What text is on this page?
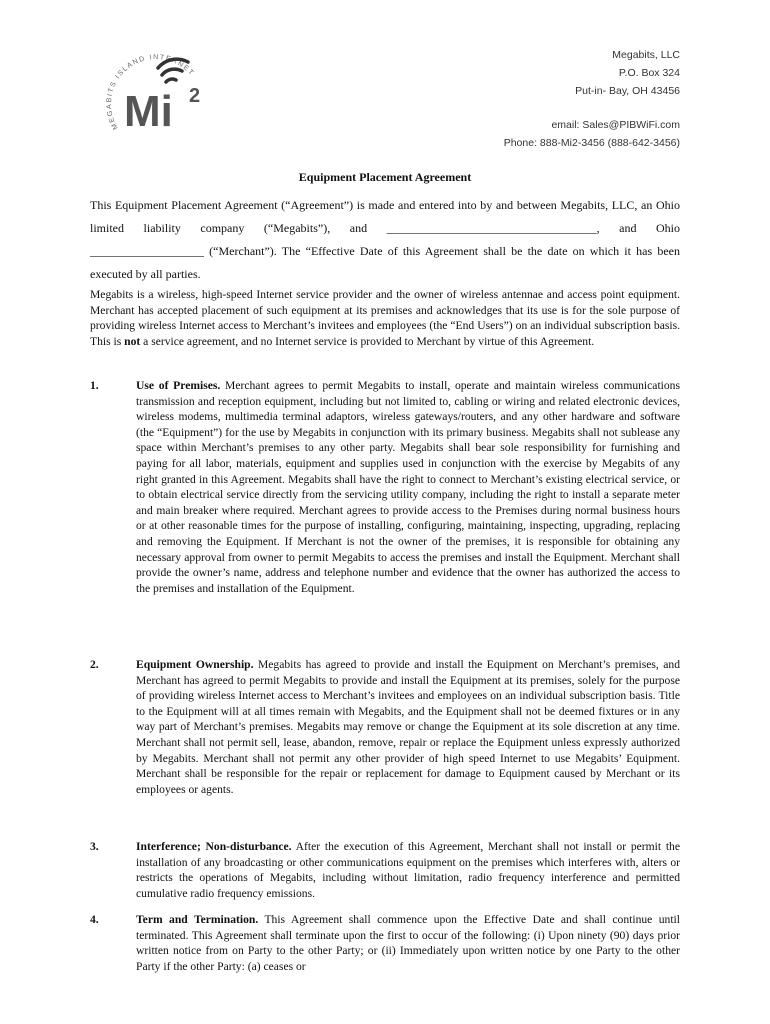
MEGABITS ISLAND INTERNET
Mi 2
Megabits, LLC
P.O. Box 324
Put-in- Bay, OH 43456
email: Sales@PIBWiFi.com
Phone: 888-Mi2-3456 (888-642-3456)
Equipment Placement Agreement
This Equipment Placement Agreement (“Agreement”) is made and entered into by and between Megabits, LLC, an Ohio limited liability company (“Megabits”), and ___________________________________, and Ohio ___________________ (“Merchant”). The “Effective Date of this Agreement shall be the date on which it has been executed by all parties.
Megabits is a wireless, high-speed Internet service provider and the owner of wireless antennae and access point equipment. Merchant has accepted placement of such equipment at its premises and acknowledges that its use is for the sole purpose of providing wireless Internet access to Merchant’s invitees and employees (the “End Users”) on an individual subscription basis. This is not a service agreement, and no Internet service is provided to Merchant by virtue of this Agreement.
1.	Use of Premises. Merchant agrees to permit Megabits to install, operate and maintain wireless communications transmission and reception equipment, including but not limited to, cabling or wiring and related electronic devices, wireless modems, multimedia terminal adaptors, wireless gateways/routers, and any other hardware and software (the “Equipment”) for the use by Megabits in conjunction with its primary business. Megabits shall not sublease any space within Merchant’s premises to any other party. Megabits shall bear sole responsibility for furnishing and paying for all labor, materials, equipment and supplies used in conjunction with the exercise by Megabits of any right granted in this Agreement. Megabits shall have the right to connect to Merchant’s existing electrical service, or to obtain electrical service directly from the servicing utility company, including the right to install a separate meter and main breaker where required. Merchant agrees to provide access to the Premises during normal business hours or at other reasonable times for the purpose of installing, configuring, maintaining, inspecting, upgrading, replacing and removing the Equipment. If Merchant is not the owner of the premises, it is responsible for obtaining any necessary approval from owner to permit Megabits to access the premises and install the Equipment. Merchant shall provide the owner’s name, address and telephone number and evidence that the owner has authorized the access to the premises and installation of the Equipment.
2.	Equipment Ownership. Megabits has agreed to provide and install the Equipment on Merchant’s premises, and Merchant has agreed to permit Megabits to provide and install the Equipment at its premises, solely for the purpose of providing wireless Internet access to Merchant’s invitees and employees on an individual subscription basis. Title to the Equipment will at all times remain with Megabits, and the Equipment shall not be deemed fixtures or in any way part of Merchant’s premises. Megabits may remove or change the Equipment at its sole discretion at any time. Merchant shall not permit sell, lease, abandon, remove, repair or replace the Equipment unless expressly authorized by Megabits. Merchant shall not permit any other provider of high speed Internet to use Megabits’ Equipment. Merchant shall be responsible for the repair or replacement for damage to Equipment caused by Merchant or its employees or agents.
3.	Interference; Non-disturbance. After the execution of this Agreement, Merchant shall not install or permit the installation of any broadcasting or other communications equipment on the premises which interferes with, alters or restricts the operations of Megabits, including without limitation, radio frequency interference and permitted cumulative radio frequency emissions.
4.	Term and Termination. This Agreement shall commence upon the Effective Date and shall continue until terminated. This Agreement shall terminate upon the first to occur of the following: (i) Upon ninety (90) days prior written notice from on Party to the other Party; or (ii) Immediately upon written notice by one Party to the other Party if the other Party: (a) ceases or
